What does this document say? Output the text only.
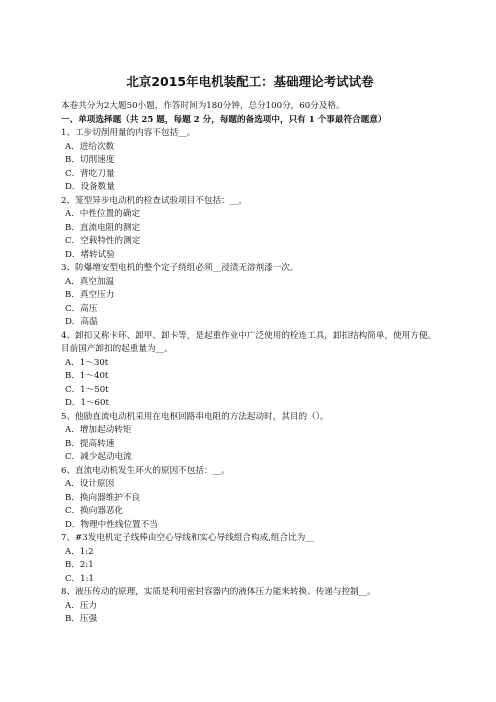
北京2015年电机装配工：基础理论考试试卷
本卷共分为2大题50小题，作答时间为180分钟，总分100分，60分及格。
一、单项选择题（共 25 题，每题 2 分，每题的备选项中，只有 1 个事最符合题意）
1、工步切削用量的内容不包括__。
A．进给次数
B．切削速度
C．背吃刀量
D．设备数量
2、笼型异步电动机的检查试验项目不包括：__。
A．中性位置的确定
B．直流电阻的测定
C．空载特性的测定
D．堵转试验
3、防爆增安型电机的整个定子绕组必须__浸渍无溶剂漆一次。
A．真空加温
B．真空压力
C．高压
D．高温
4、卸扣又称卡环、卸甲、卸卡等，是起重作业中广泛使用的栓连工具，卸扣结构简单，使用方便。目前国产卸扣的起重量为__。
A．1～30t
B．1～40t
C．1～50t
D．1～60t
5、他励直流电动机采用在电枢回路串电阻的方法起动时，其目的（）。
A．增加起动转矩
B．提高转速
C．减少起动电流
6、直流电动机发生环火的原因不包括：__。
A．设计原因
B．换向器维护不良
C．换向器恶化
D．物理中性线位置不当
7、#3发电机定子线棒由空心导线和实心导线组合构成,组合比为__
A．1:2
B．2:1
C．1:1
8、液压传动的原理，实质是利用密封容器内的液体压力能来转换、传递与控制__。
A．压力
B．压强
